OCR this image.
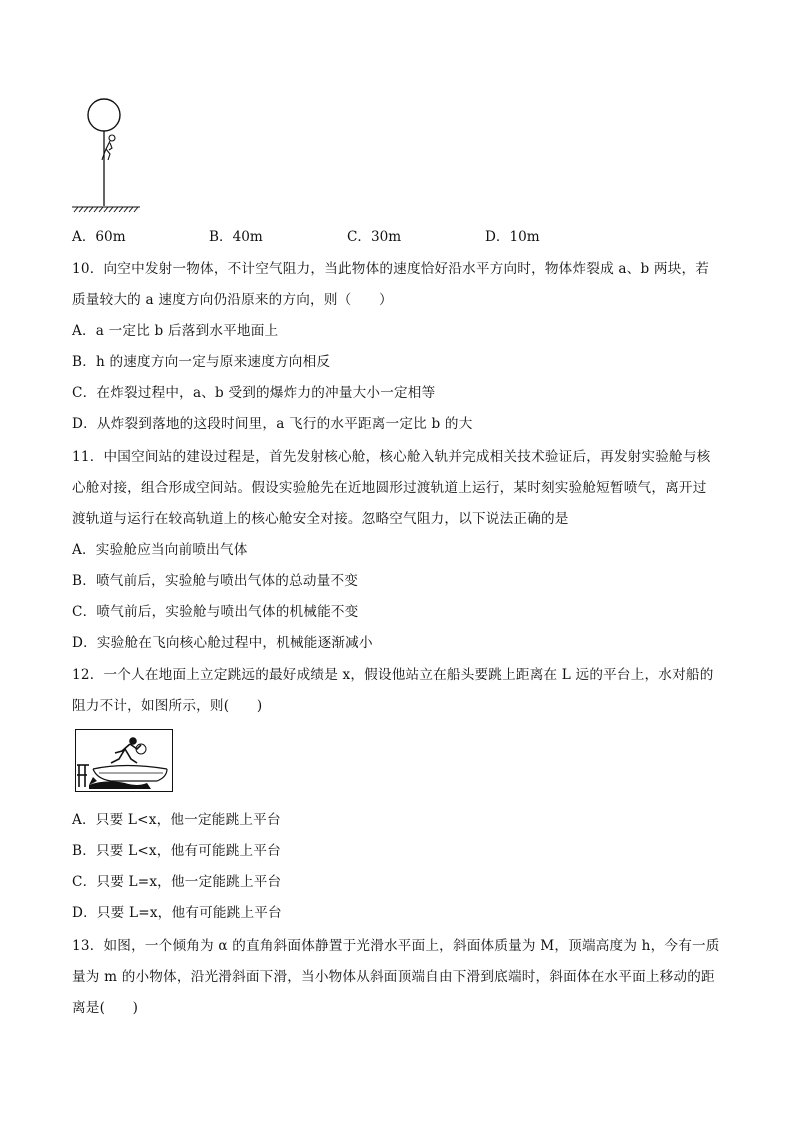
A．60m	B．40m	C．30m	D．10m
10．向空中发射一物体，不计空气阻力，当此物体的速度恰好沿水平方向时，物体炸裂成 a、b 两块，若
质量较大的 a 速度方向仍沿原来的方向，则（　　）
A．a 一定比 b 后落到水平地面上
B．h 的速度方向一定与原来速度方向相反
C．在炸裂过程中，a、b 受到的爆炸力的冲量大小一定相等
D．从炸裂到落地的这段时间里，a 飞行的水平距离一定比 b 的大
11．中国空间站的建设过程是，首先发射核心舱，核心舱入轨并完成相关技术验证后，再发射实验舱与核
心舱对接，组合形成空间站。假设实验舱先在近地圆形过渡轨道上运行，某时刻实验舱短暂喷气，离开过
渡轨道与运行在较高轨道上的核心舱安全对接。忽略空气阻力，以下说法正确的是
A．实验舱应当向前喷出气体
B．喷气前后，实验舱与喷出气体的总动量不变
C．喷气前后，实验舱与喷出气体的机械能不变
D．实验舱在飞向核心舱过程中，机械能逐渐减小
12．一个人在地面上立定跳远的最好成绩是 x，假设他站立在船头要跳上距离在 L 远的平台上，水对船的
阻力不计，如图所示，则(　　)
A．只要 L<x，他一定能跳上平台
B．只要 L<x，他有可能跳上平台
C．只要 L=x，他一定能跳上平台
D．只要 L=x，他有可能跳上平台
13．如图，一个倾角为 α 的直角斜面体静置于光滑水平面上，斜面体质量为 M，顶端高度为 h，今有一质
量为 m 的小物体，沿光滑斜面下滑，当小物体从斜面顶端自由下滑到底端时，斜面体在水平面上移动的距
离是(　　)
